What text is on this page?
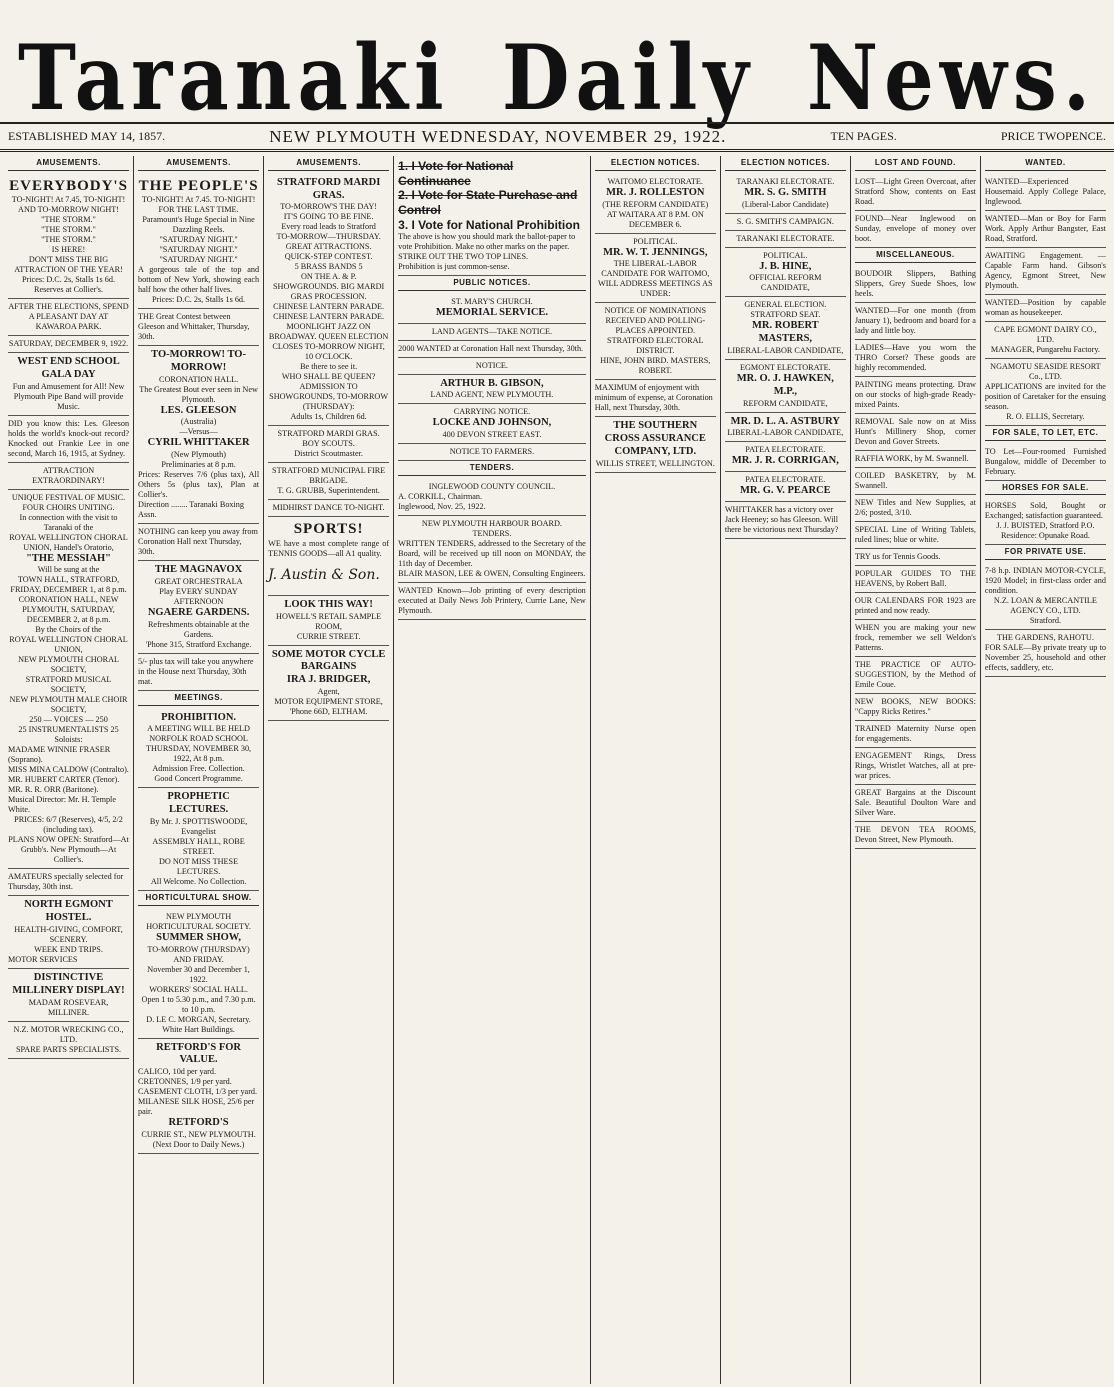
Taranaki Daily News.
ESTABLISHED MAY 14, 1857.	NEW PLYMOUTH WEDNESDAY, NOVEMBER 29, 1922.	TEN PAGES.	PRICE TWOPENCE.
AMUSEMENTS.
EVERYBODY'S
TO-NIGHT! At 7.45, TO-NIGHT! AND TO-MORROW NIGHT!
"THE STORM."
"THE STORM."
"THE STORM."
IS HERE!
DON'T MISS THE BIG ATTRACTION OF THE YEAR!
Prices: D.C. 2s, Stalls 1s 6d.
Reserves at Collier's.
AFTER THE ELECTIONS, SPEND A PLEASANT DAY AT KAWAROA PARK.
SATURDAY, DECEMBER 9, 1922.
WEST END SCHOOL GALA DAY
Fun and Amusement for All! New Plymouth Pipe Band will provide Music.
DID you know this: Les. Gleeson holds the world's knock-out record? Knocked out Frankie Lee in one second, March 16, 1915, at Sydney.
ATTRACTION EXTRAORDINARY!
UNIQUE FESTIVAL OF MUSIC. FOUR CHOIRS UNITING.
In connection with the visit to Taranaki of the
ROYAL WELLINGTON CHORAL UNION, Handel's Oratorio,
"THE MESSIAH"
Will be sung at the
TOWN HALL, STRATFORD, FRIDAY, DECEMBER 1, at 8 p.m.
CORONATION HALL, NEW PLYMOUTH, SATURDAY, DECEMBER 2, at 8 p.m.
By the Choirs of the
ROYAL WELLINGTON CHORAL UNION,
NEW PLYMOUTH CHORAL SOCIETY,
STRATFORD MUSICAL SOCIETY,
NEW PLYMOUTH MALE CHOIR SOCIETY,
250 — VOICES — 250
25 INSTRUMENTALISTS 25
Soloists:
MADAME WINNIE FRASER (Soprano).
MISS MINA CALDOW (Contralto).
MR. HUBERT CARTER (Tenor).
MR. R. R. ORR (Baritone).
Musical Director: Mr. H. Temple White.
PRICES: 6/7 (Reserves), 4/5, 2/2 (including tax).
PLANS NOW OPEN: Stratford—At Grubb's. New Plymouth—At Collier's.
AMATEURS specially selected for Thursday, 30th inst.
NORTH EGMONT HOSTEL.
HEALTH-GIVING, COMFORT, SCENERY.
WEEK END TRIPS.
MOTOR SERVICES
DISTINCTIVE MILLINERY DISPLAY!
MADAM ROSEVEAR, MILLINER.
N.Z. MOTOR WRECKING CO., LTD.
SPARE PARTS SPECIALISTS.
AMUSEMENTS.
THE PEOPLE'S
TO-NIGHT! At 7.45. TO-NIGHT! FOR THE LAST TIME.
Paramount's Huge Special in Nine Dazzling Reels.
"SATURDAY NIGHT."
"SATURDAY NIGHT."
"SATURDAY NIGHT."
A gorgeous tale of the top and bottom of New York, showing each half how the other half lives.
Prices: D.C. 2s, Stalls 1s 6d.
THE Great Contest between Gleeson and Whittaker, Thursday, 30th.
TO-MORROW! TO-MORROW!
CORONATION HALL.
The Greatest Bout ever seen in New Plymouth.
LES. GLEESON
(Australia)
—Versus—
CYRIL WHITTAKER
(New Plymouth)
Preliminaries at 8 p.m.
Prices: Reserves 7/6 (plus tax), All Others 5s (plus tax), Plan at Collier's.
Direction ........ Taranaki Boxing Assn.
NOTHING can keep you away from Coronation Hall next Thursday, 30th.
THE MAGNAVOX
GREAT ORCHESTRALA
Play EVERY SUNDAY AFTERNOON
NGAERE GARDENS.
Refreshments obtainable at the Gardens.
'Phone 315, Stratford Exchange.
5/- plus tax will take you anywhere in the House next Thursday, 30th mat.
MEETINGS.
PROHIBITION.
A MEETING WILL BE HELD
NORFOLK ROAD SCHOOL
THURSDAY, NOVEMBER 30, 1922, At 8 p.m.
Admission Free. Collection.
Good Concert Programme.
PROPHETIC LECTURES.
By Mr. J. SPOTTISWOODE, Evangelist
ASSEMBLY HALL, ROBE STREET.
DO NOT MISS THESE LECTURES.
All Welcome. No Collection.
HORTICULTURAL SHOW.
NEW PLYMOUTH HORTICULTURAL SOCIETY.
SUMMER SHOW,
TO-MORROW (THURSDAY) AND FRIDAY.
November 30 and December 1, 1922.
WORKERS' SOCIAL HALL.
Open 1 to 5.30 p.m., and 7.30 p.m. to 10 p.m.
D. LE C. MORGAN, Secretary.
White Hart Buildings.
RETFORD'S FOR VALUE.
CALICO, 10d per yard.
CRETONNES, 1/9 per yard.
CASEMENT CLOTH, 1/3 per yard.
MILANESE SILK HOSE, 25/6 per pair.
RETFORD'S
CURRIE ST., NEW PLYMOUTH.
(Next Door to Daily News.)
AMUSEMENTS.
STRATFORD MARDI GRAS.
TO-MORROW'S THE DAY!
IT'S GOING TO BE FINE.
Every road leads to Stratford
TO-MORROW—THURSDAY.
GREAT ATTRACTIONS.
QUICK-STEP CONTEST.
5 BRASS BANDS 5
ON THE A. & P. SHOWGROUNDS. BIG MARDI GRAS PROCESSION.
CHINESE LANTERN PARADE.
CHINESE LANTERN PARADE.
MOONLIGHT JAZZ ON BROADWAY. QUEEN ELECTION CLOSES TO-MORROW NIGHT, 10 O'CLOCK.
Be there to see it.
WHO SHALL BE QUEEN?
ADMISSION TO SHOWGROUNDS, TO-MORROW (THURSDAY):
Adults 1s, Children 6d.
STRATFORD MARDI GRAS. BOY SCOUTS.
District Scoutmaster.
STRATFORD MUNICIPAL FIRE BRIGADE.
T. G. GRUBB, Superintendent.
MIDHIRST DANCE TO-NIGHT.
SPORTS!
WE have a most complete range of TENNIS GOODS—all A1 quality.
J. Austin & Son.
LOOK THIS WAY!
HOWELL'S RETAIL SAMPLE ROOM,
CURRIE STREET.
SOME MOTOR CYCLE BARGAINS
IRA J. BRIDGER,
Agent,
MOTOR EQUIPMENT STORE, 'Phone 66D, ELTHAM.
1. I Vote for National Continuance
2. I Vote for State Purchase and Control
3. I Vote for National Prohibition
The above is how you should mark the ballot-paper to vote Prohibition. Make no other marks on the paper.
STRIKE OUT THE TWO TOP LINES.
Prohibition is just common-sense.
PUBLIC NOTICES.
ST. MARY'S CHURCH.
MEMORIAL SERVICE.
LAND AGENTS—TAKE NOTICE.
2000 WANTED at Coronation Hall next Thursday, 30th.
NOTICE.
ARTHUR B. GIBSON,
LAND AGENT, NEW PLYMOUTH.
CARRYING NOTICE.
LOCKE AND JOHNSON,
400 DEVON STREET EAST.
NOTICE TO FARMERS.
TENDERS.
INGLEWOOD COUNTY COUNCIL.
A. CORKILL, Chairman.
Inglewood, Nov. 25, 1922.
NEW PLYMOUTH HARBOUR BOARD.
TENDERS.
WRITTEN TENDERS, addressed to the Secretary of the Board, will be received up till noon on MONDAY, the 11th day of December.
BLAIR MASON, LEE & OWEN, Consulting Engineers.
WANTED Known—Job printing of every description executed at Daily News Job Printery, Currie Lane, New Plymouth.
ELECTION NOTICES.
WAITOMO ELECTORATE.
MR. J. ROLLESTON
(THE REFORM CANDIDATE)
AT WAITARA AT 8 P.M. ON DECEMBER 6.
POLITICAL.
MR. W. T. JENNINGS,
THE LIBERAL-LABOR CANDIDATE FOR WAITOMO,
WILL ADDRESS MEETINGS AS UNDER:
NOTICE OF NOMINATIONS RECEIVED AND POLLING-PLACES APPOINTED. STRATFORD ELECTORAL DISTRICT.
HINE, JOHN BIRD. MASTERS, ROBERT.
MAXIMUM of enjoyment with minimum of expense, at Coronation Hall, next Thursday, 30th.
THE SOUTHERN CROSS ASSURANCE COMPANY, LTD.
WILLIS STREET, WELLINGTON.
ELECTION NOTICES.
TARANAKI ELECTORATE.
MR. S. G. SMITH
(Liberal-Labor Candidate)
S. G. SMITH'S CAMPAIGN.
TARANAKI ELECTORATE.
POLITICAL.
J. B. HINE,
OFFICIAL REFORM CANDIDATE,
GENERAL ELECTION.
STRATFORD SEAT.
MR. ROBERT MASTERS,
LIBERAL-LABOR CANDIDATE,
EGMONT ELECTORATE.
MR. O. J. HAWKEN, M.P.,
REFORM CANDIDATE,
MR. D. L. A. ASTBURY
LIBERAL-LABOR CANDIDATE,
PATEA ELECTORATE.
MR. J. R. CORRIGAN,
PATEA ELECTORATE.
MR. G. V. PEARCE
WHITTAKER has a victory over Jack Heeney; so has Gleeson. Will there be victorious next Thursday?
LOST AND FOUND.
LOST—Light Green Overcoat, after Stratford Show, contents on East Road.
FOUND—Near Inglewood on Sunday, envelope of money over boot.
MISCELLANEOUS.
BOUDOIR Slippers, Bathing Slippers, Grey Suede Shoes, low heels.
WANTED—For one month (from January 1), bedroom and board for a lady and little boy.
LADIES—Have you worn the THRO Corset? These goods are highly recommended.
PAINTING means protecting. Draw on our stocks of high-grade Ready-mixed Paints.
REMOVAL Sale now on at Miss Hunt's Millinery Shop, corner Devon and Gover Streets.
RAFFIA WORK, by M. Swannell.
COILED BASKETRY, by M. Swannell.
NEW Titles and New Supplies, at 2/6; posted, 3/10.
SPECIAL Line of Writing Tablets, ruled lines; blue or white.
TRY us for Tennis Goods.
POPULAR GUIDES TO THE HEAVENS, by Robert Ball.
OUR CALENDARS FOR 1923 are printed and now ready.
WHEN you are making your new frock, remember we sell Weldon's Patterns.
THE PRACTICE OF AUTO-SUGGESTION, by the Method of Emile Coue.
NEW BOOKS, NEW BOOKS: "Cappy Ricks Retires."
TRAINED Maternity Nurse open for engagements.
ENGAGEMENT Rings, Dress Rings, Wristlet Watches, all at pre-war prices.
GREAT Bargains at the Discount Sale. Beautiful Doulton Ware and Silver Ware.
THE DEVON TEA ROOMS, Devon Street, New Plymouth.
WANTED.
WANTED—Experienced Housemaid. Apply College Palace, Inglewood.
WANTED—Man or Boy for Farm Work. Apply Arthur Bangster, East Road, Stratford.
AWAITING Engagement. — Capable Farm hand. Gibson's Agency, Egmont Street, New Plymouth.
WANTED—Position by capable woman as housekeeper.
CAPE EGMONT DAIRY CO., LTD.
MANAGER, Pungarehu Factory.
NGAMOTU SEASIDE RESORT Co., LTD.
APPLICATIONS are invited for the position of Caretaker for the ensuing season.
R. O. ELLIS, Secretary.
FOR SALE, TO LET, ETC.
TO Let—Four-roomed Furnished Bungalow, middle of December to February.
HORSES FOR SALE.
HORSES Sold, Bought or Exchanged; satisfaction guaranteed.
J. J. BUISTED, Stratford P.O.
Residence: Opunake Road.
FOR PRIVATE USE.
7-8 h.p. INDIAN MOTOR-CYCLE, 1920 Model; in first-class order and condition.
N.Z. LOAN & MERCANTILE AGENCY CO., LTD.
Stratford.
THE GARDENS, RAHOTU.
FOR SALE—By private treaty up to November 25, household and other effects, saddlery, etc.
